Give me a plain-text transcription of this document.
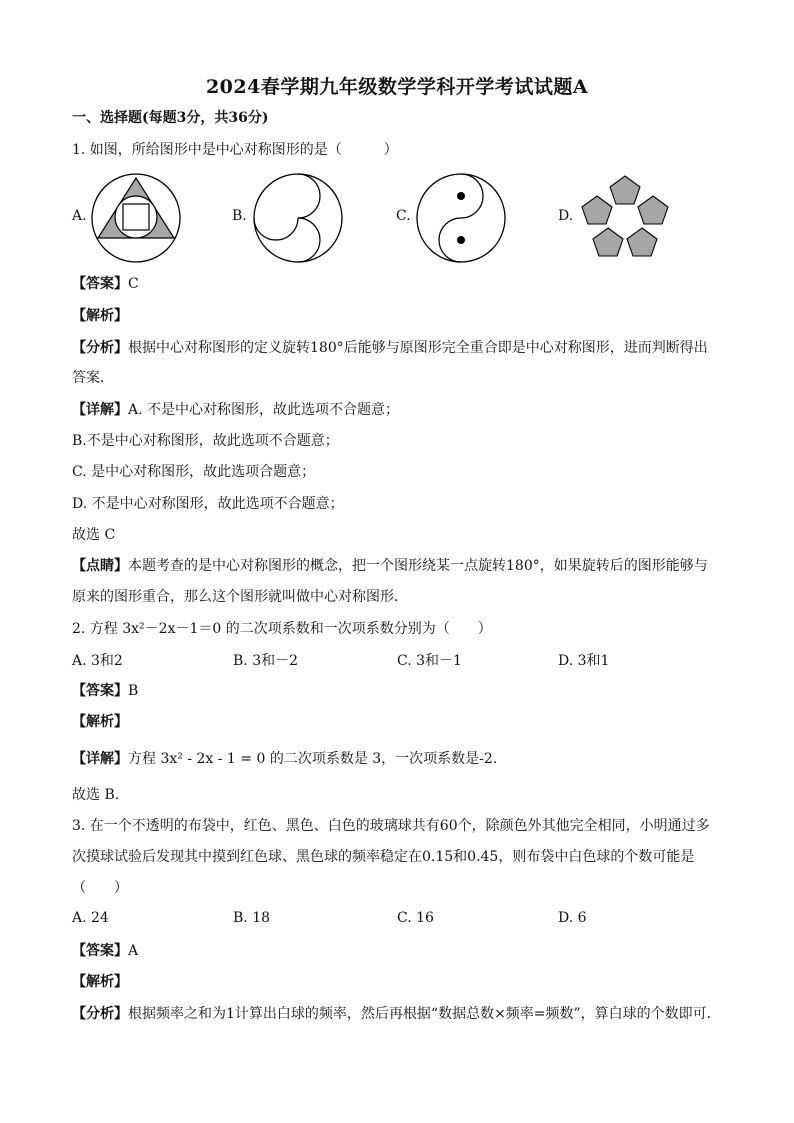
2024春学期九年级数学学科开学考试试题A
一、选择题(每题3分，共36分)
1. 如图，所给图形中是中心对称图形的是（　　　）
A.	B.	C.	D.
【答案】C
【解析】
【分析】根据中心对称图形的定义旋转180°后能够与原图形完全重合即是中心对称图形，进而判断得出
答案．
【详解】A. 不是中心对称图形，故此选项不合题意；
B.不是中心对称图形，故此选项不合题意；
C. 是中心对称图形，故此选项合题意；
D. 不是中心对称图形，故此选项不合题意；
故选 C
【点睛】本题考查的是中心对称图形的概念，把一个图形绕某一点旋转180°，如果旋转后的图形能够与
原来的图形重合，那么这个图形就叫做中心对称图形．
2. 方程 3x²－2x－1＝0 的二次项系数和一次项系数分别为（　　）
A. 3和2	B. 3和－2	C. 3和－1	D. 3和1
【答案】B
【解析】
【详解】方程 3x² - 2x - 1 = 0 的二次项系数是 3，一次项系数是-2.
故选 B.
3. 在一个不透明的布袋中，红色、黑色、白色的玻璃球共有60个，除颜色外其他完全相同，小明通过多
次摸球试验后发现其中摸到红色球、黑色球的频率稳定在0.15和0.45，则布袋中白色球的个数可能是
（　　）
A. 24	B. 18	C. 16	D. 6
【答案】A
【解析】
【分析】根据频率之和为1计算出白球的频率，然后再根据“数据总数×频率=频数”，算白球的个数即可．
